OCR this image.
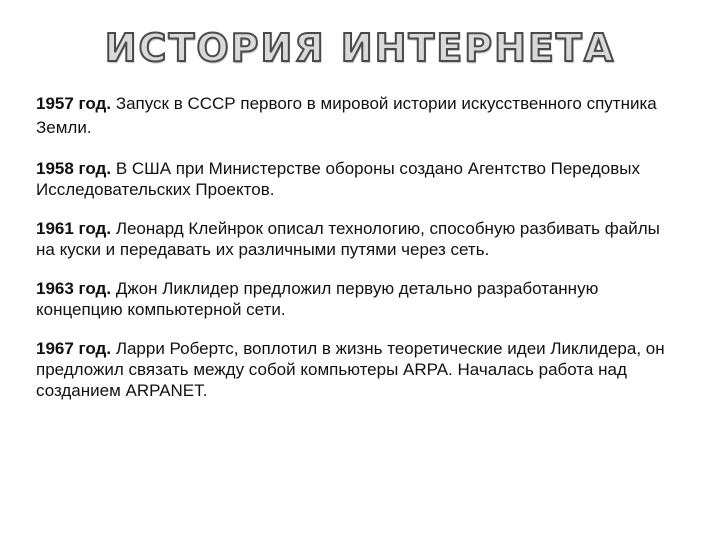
ИСТОРИЯ ИНТЕРНЕТА

1957 год. Запуск в СССР первого в мировой истории искусственного спутника Земли.

1958 год. В США при Министерстве обороны создано Агентство Передовых Исследовательских Проектов.

1961 год. Леонард Клейнрок описал технологию, способную разбивать файлы на куски и передавать их различными путями через сеть.

1963 год. Джон Ликлидер предложил первую детально разработанную концепцию компьютерной сети.

1967 год. Ларри Робертс, воплотил в жизнь теоретические идеи Ликлидера, он предложил связать между собой компьютеры ARPA. Началась работа над созданием ARPANET.
